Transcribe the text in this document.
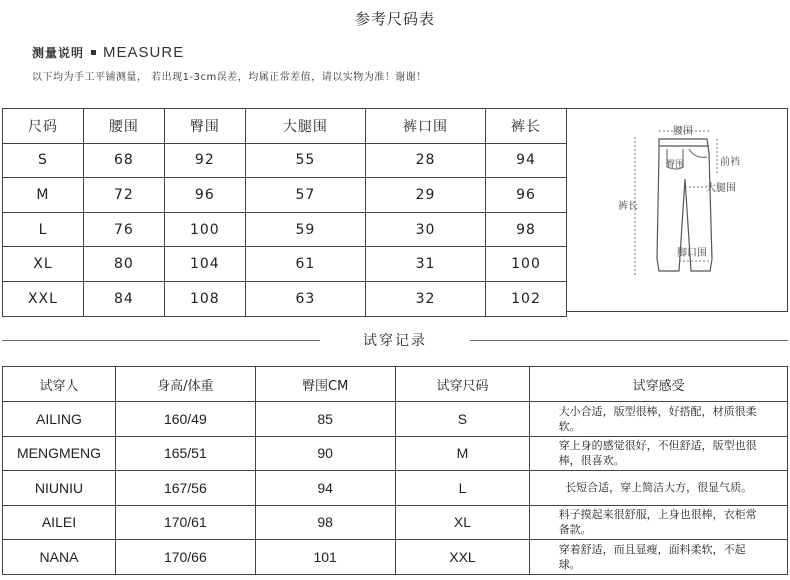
参考尺码表
测量说明 MEASURE
以下均为手工平铺测量， 若出现1-3cm误差，均属正常差值，请以实物为准！谢谢！
尺码	腰围	臀围	大腿围	裤口围	裤长
S	68	92	55	28	94
M	72	96	57	29	96
L	76	100	59	30	98
XL	80	104	61	31	100
XXL	84	108	63	32	102
腰围
臀围	前裆
大腿围
裤长
脚口围
试穿记录
试穿人	身高/体重	臀围CM	试穿尺码	试穿感受
AILING	160/49	85	S	大小合适，版型很棒，好搭配，材质很柔软。
MENGMENG	165/51	90	M	穿上身的感觉很好，不但舒适，版型也很棒，很喜欢。
NIUNIU	167/56	94	L	长短合适，穿上简洁大方，很显气质。
AILEI	170/61	98	XL	料子摸起来很舒服，上身也很棒，衣柜常备款。
NANA	170/66	101	XXL	穿着舒适，而且显瘦，面料柔软，不起球。
